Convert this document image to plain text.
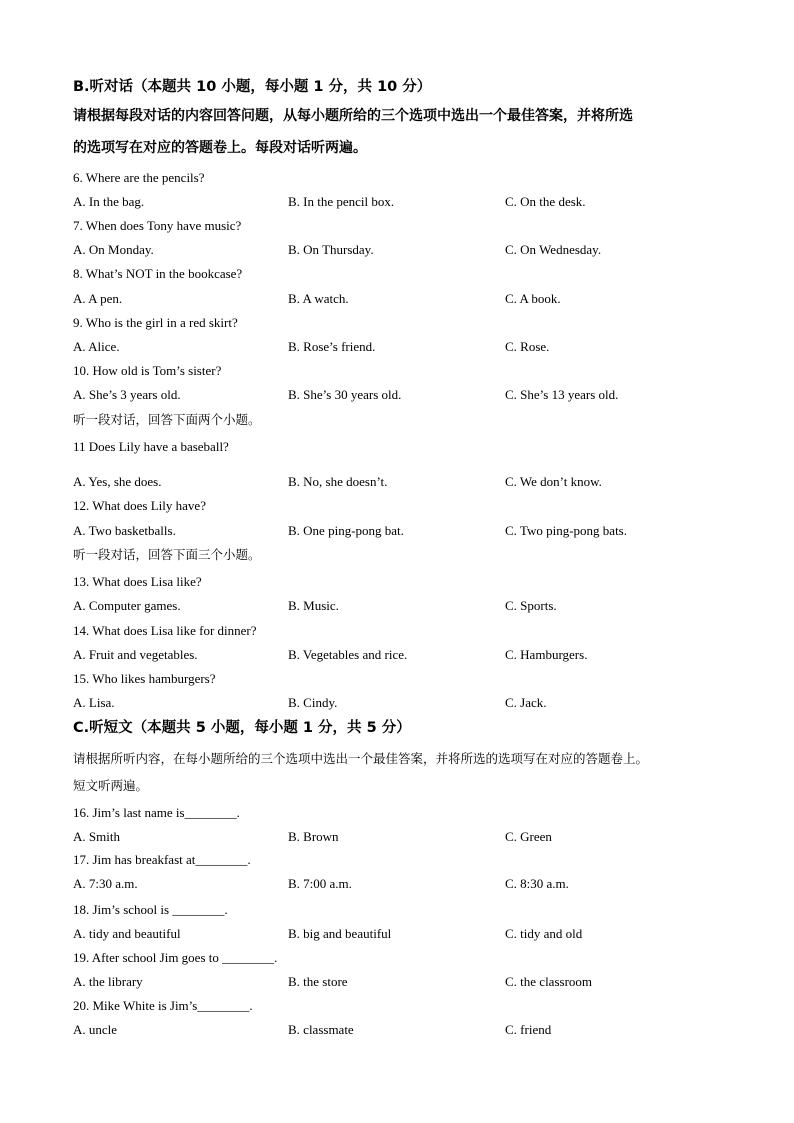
B.听对话（本题共 10 小题，每小题 1 分，共 10 分）
请根据每段对话的内容回答问题，从每小题所给的三个选项中选出一个最佳答案，并将所选
的选项写在对应的答题卷上。每段对话听两遍。
6. Where are the pencils?
A. In the bag.	B. In the pencil box.	C. On the desk.
7. When does Tony have music?
A. On Monday.	B. On Thursday.	C. On Wednesday.
8. What’s NOT in the bookcase?
A. A pen.	B. A watch.	C. A book.
9. Who is the girl in a red skirt?
A. Alice.	B. Rose’s friend.	C. Rose.
10. How old is Tom’s sister?
A. She’s 3 years old.	B. She’s 30 years old.	C. She’s 13 years old.
听一段对话，回答下面两个小题。
11 Does Lily have a baseball?
A. Yes, she does.	B. No, she doesn’t.	C. We don’t know.
12. What does Lily have?
A. Two basketballs.	B. One ping-pong bat.	C. Two ping-pong bats.
听一段对话，回答下面三个小题。
13. What does Lisa like?
A. Computer games.	B. Music.	C. Sports.
14. What does Lisa like for dinner?
A. Fruit and vegetables.	B. Vegetables and rice.	C. Hamburgers.
15. Who likes hamburgers?
A. Lisa.	B. Cindy.	C. Jack.
C.听短文（本题共 5 小题，每小题 1 分，共 5 分）
请根据所听内容，在每小题所给的三个选项中选出一个最佳答案，并将所选的选项写在对应的答题卷上。
短文听两遍。
16. Jim’s last name is________.
A. Smith	B. Brown	C. Green
17. Jim has breakfast at________.
A. 7:30 a.m.	B. 7:00 a.m.	C. 8:30 a.m.
18. Jim’s school is ________.
A. tidy and beautiful	B. big and beautiful	C. tidy and old
19. After school Jim goes to ________.
A. the library	B. the store	C. the classroom
20. Mike White is Jim’s________.
A. uncle	B. classmate	C. friend
